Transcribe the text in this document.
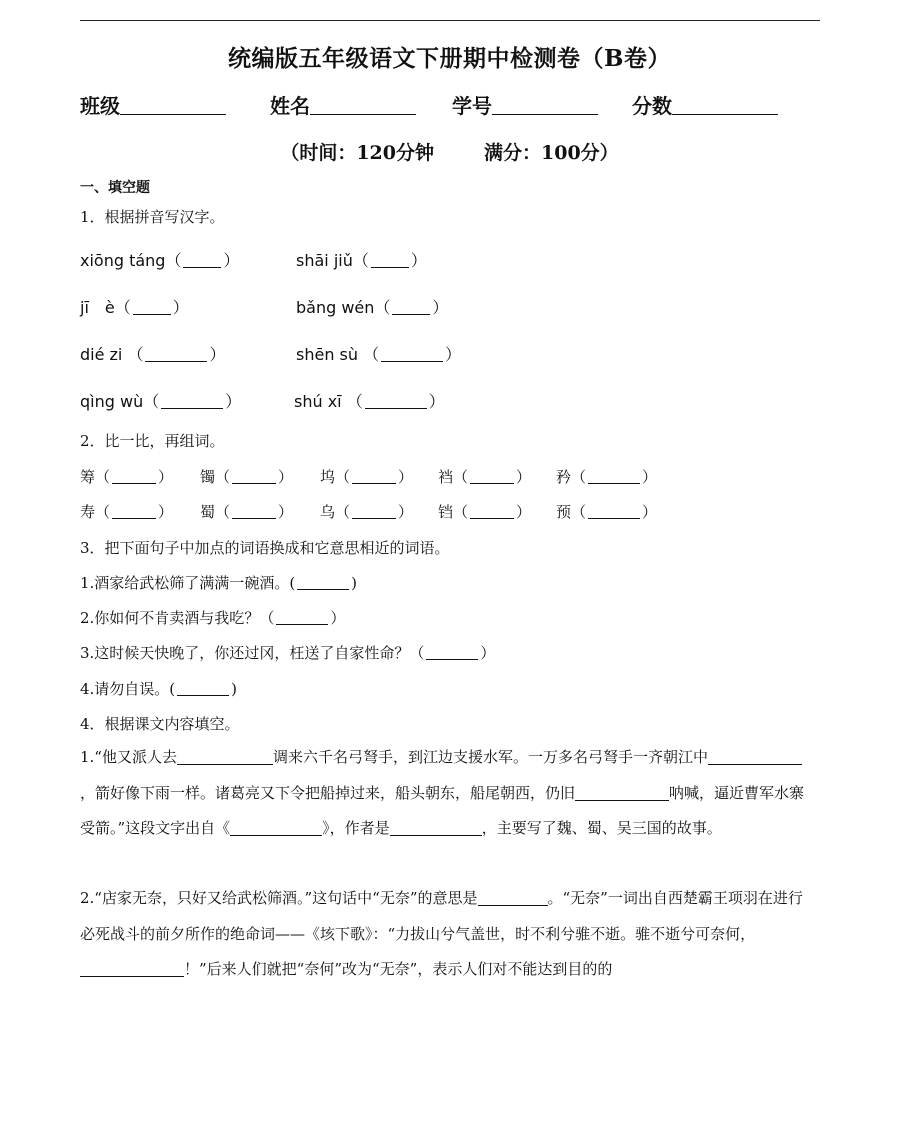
统编版五年级语文下册期中检测卷（B卷）
班级	姓名	学号	分数
（时间：120分钟	满分：100分）
一、填空题
1．根据拼音写汉字。
xiōng táng（	）	shāi jiǔ（	）
jī　è（	）	bǎng wén（	）
dié zi （	）	shēn sù （	）
qìng wù（	）	shú xī （	）
2．比一比，再组词。
筹（	） 镯（	） 坞（	） 裆（	） 矜（	）
寿（	） 蜀（	） 乌（	） 铛（	） 预（	）
3．把下面句子中加点的词语换成和它意思相近的词语。
1.酒家给武松筛了满满一碗酒。(	)
2.你如何不肯卖酒与我吃？（	）
3.这时候天快晚了，你还过冈，枉送了自家性命？（	）
4.请勿自误。(	)
4．根据课文内容填空。
1.“他又派人去	调来六千名弓弩手，到江边支援水军。一万多名弓弩手一齐朝江中，箭好像下雨一样。诸葛亮又下令把船掉过来，船头朝东，船尾朝西，仍旧	呐喊，逼近曹军水寨受箭。”这段文字出自《	》，作者是	，主要写了魏、蜀、吴三国的故事。
2.“店家无奈，只好又给武松筛酒。”这句话中“无奈”的意思是	。“无奈”一词出自西楚霸王项羽在进行必死战斗的前夕所作的绝命词——《垓下歌》：“力拔山兮气盖世，时不利兮骓不逝。骓不逝兮可奈何，！”后来人们就把“奈何”改为“无奈”，表示人们对不能达到目的的
